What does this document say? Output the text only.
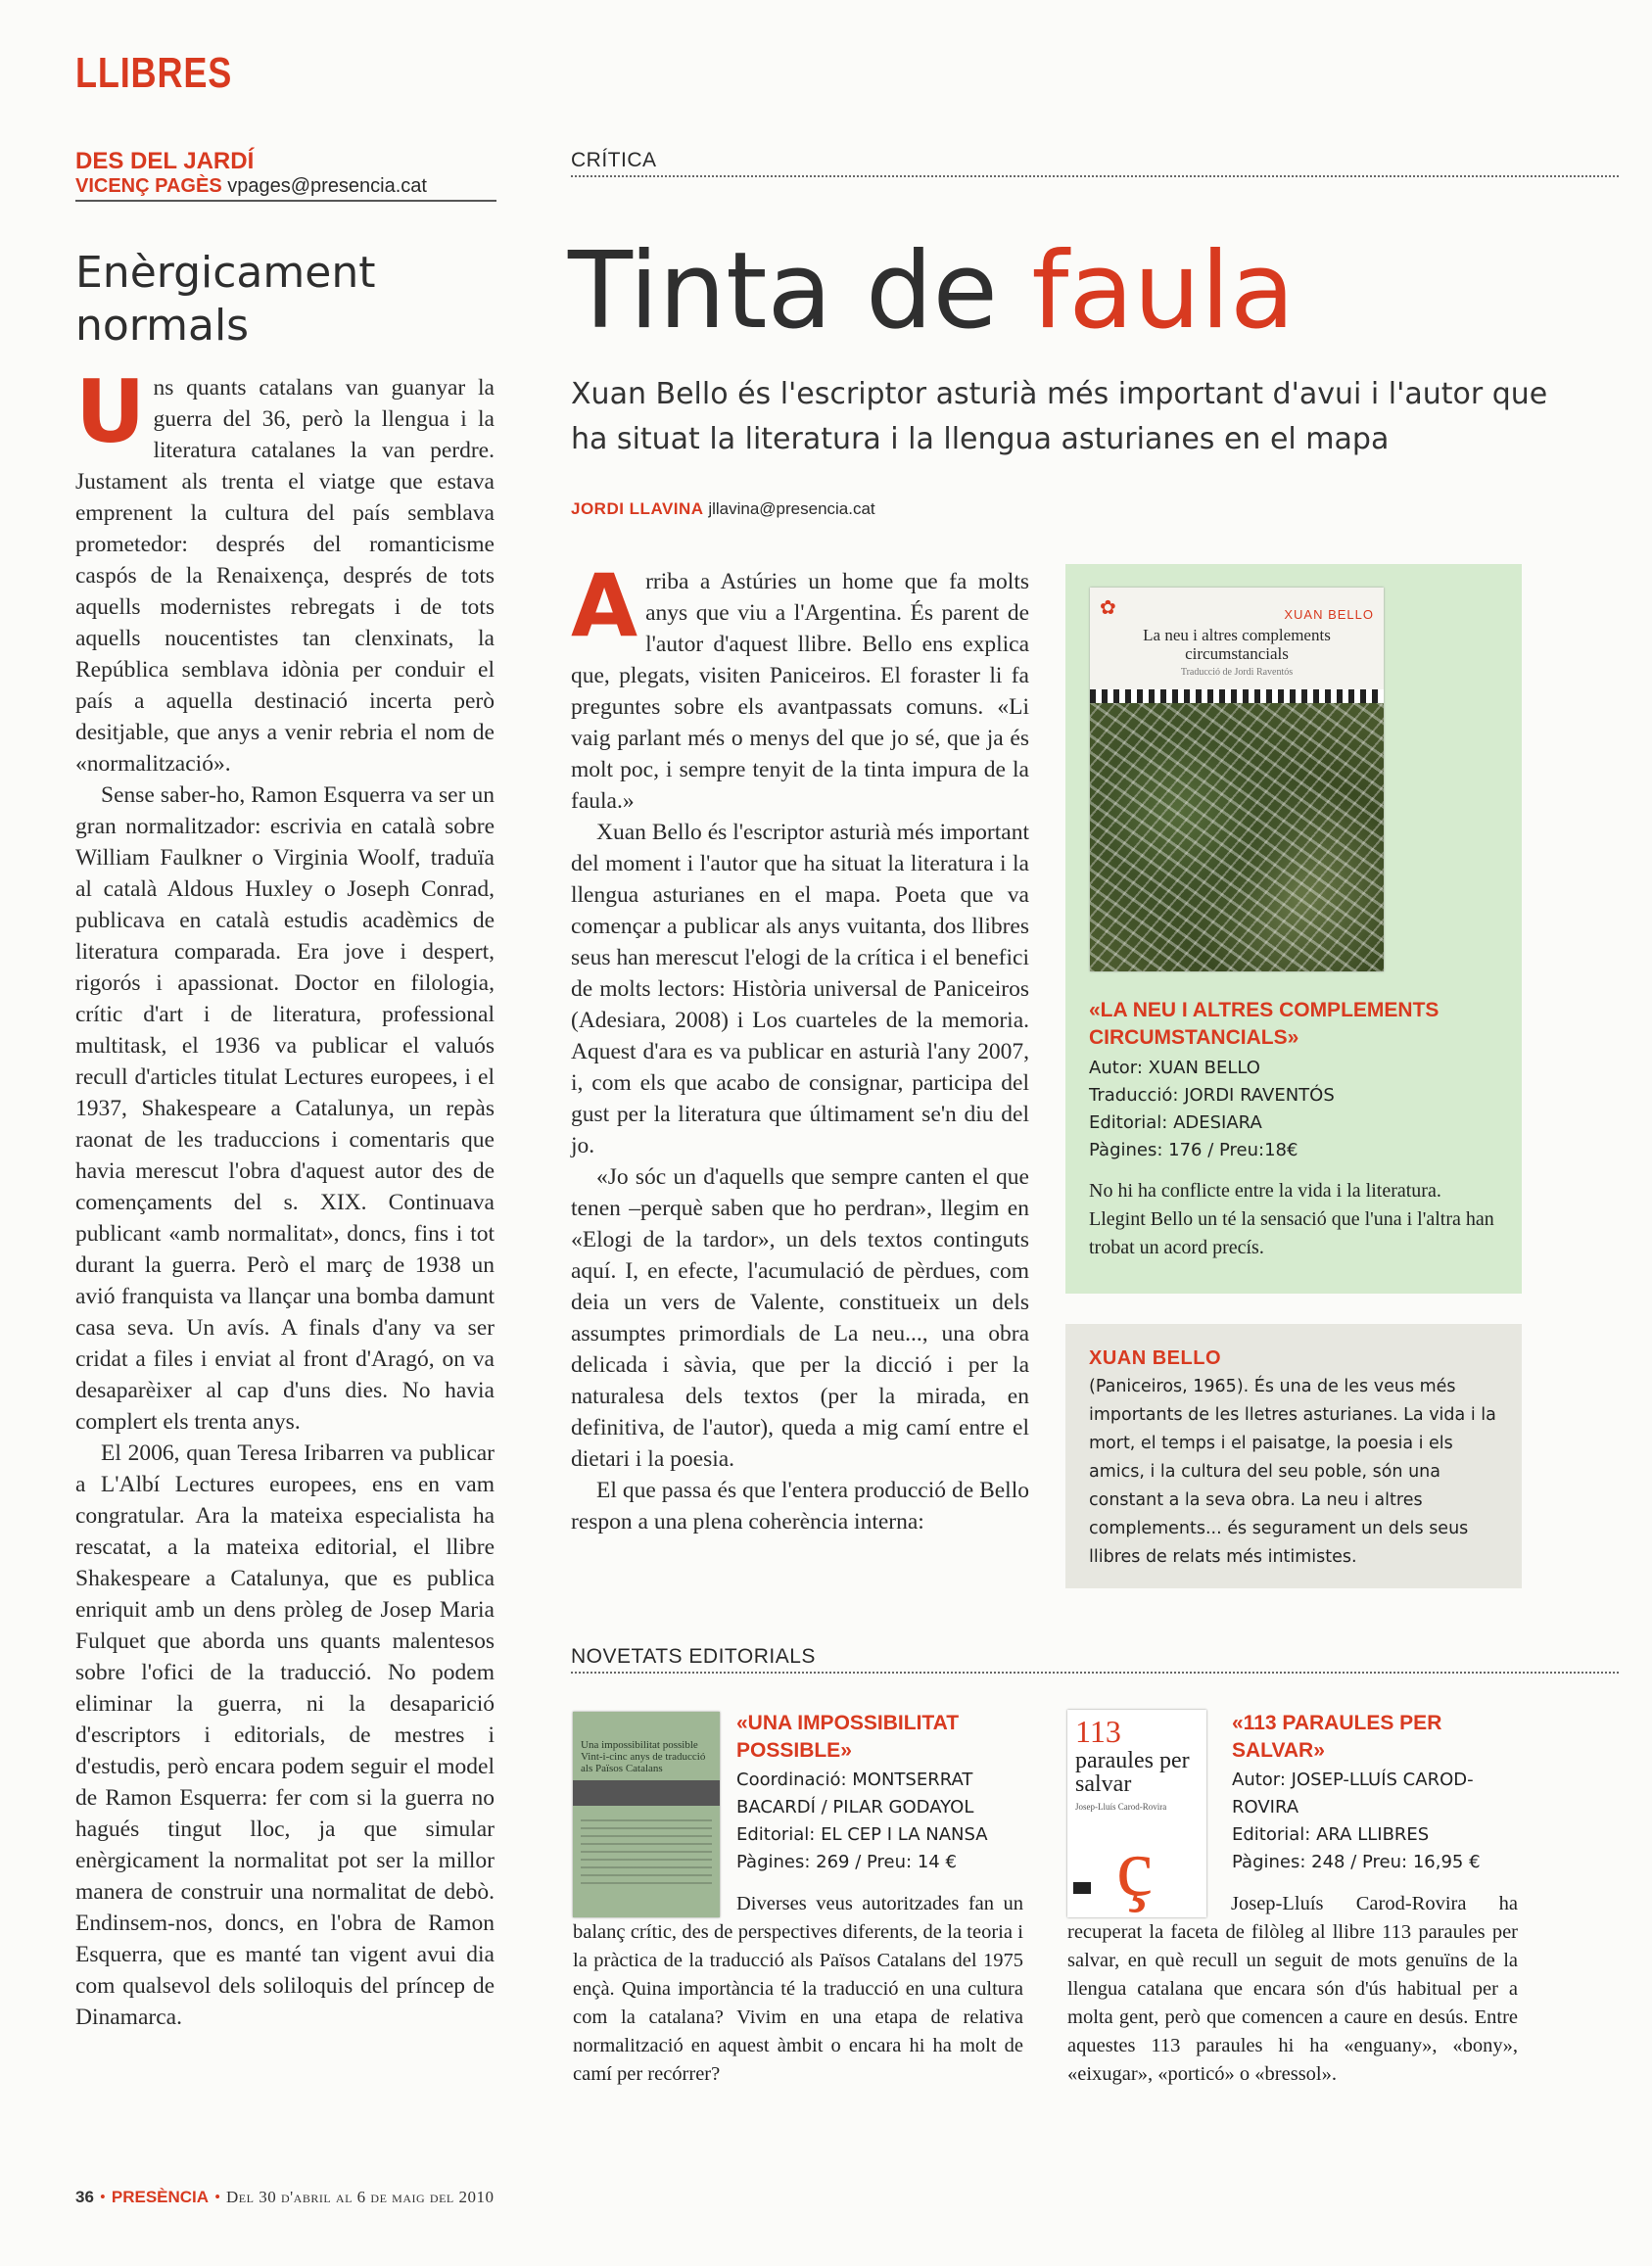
LLIBRES
DES DEL JARDÍ
VICENÇ PAGÈS vpages@presencia.cat
Enèrgicament normals

Uns quants catalans van guanyar la guerra del 36, però la llengua i la literatura catalanes la van perdre. Justament als trenta el viatge que estava emprenent la cultura del país semblava prometedor: després del romanticisme caspós de la Renaixença, després de tots aquells modernistes rebregats i de tots aquells noucentistes tan clenxinats, la República semblava idònia per conduir el país a aquella destinació incerta però desitjable, que anys a venir rebria el nom de «normalització».

Sense saber-ho, Ramon Esquerra va ser un gran normalitzador: escrivia en català sobre William Faulkner o Virginia Woolf, traduïa al català Aldous Huxley o Joseph Conrad, publicava en català estudis acadèmics de literatura comparada. Era jove i despert, rigorós i apassionat. Doctor en filologia, crític d'art i de literatura, professional multitask, el 1936 va publicar el valuós recull d'articles titulat Lectures europees, i el 1937, Shakespeare a Catalunya, un repàs raonat de les traduccions i comentaris que havia merescut l'obra d'aquest autor des de començaments del s. XIX. Continuava publicant «amb normalitat», doncs, fins i tot durant la guerra. Però el març de 1938 un avió franquista va llançar una bomba damunt casa seva. Un avís. A finals d'any va ser cridat a files i enviat al front d'Aragó, on va desaparèixer al cap d'uns dies. No havia complert els trenta anys.

El 2006, quan Teresa Iribarren va publicar a L'Albí Lectures europees, ens en vam congratular. Ara la mateixa especialista ha rescatat, a la mateixa editorial, el llibre Shakespeare a Catalunya, que es publica enriquit amb un dens pròleg de Josep Maria Fulquet que aborda uns quants malentesos sobre l'ofici de la traducció. No podem eliminar la guerra, ni la desaparició d'escriptors i editorials, de mestres i d'estudis, però encara podem seguir el model de Ramon Esquerra: fer com si la guerra no hagués tingut lloc, ja que simular enèrgicament la normalitat pot ser la millor manera de construir una normalitat de debò. Endinsem-nos, doncs, en l'obra de Ramon Esquerra, que es manté tan vigent avui dia com qualsevol dels soliloquis del príncep de Dinamarca.

CRÍTICA
Tinta de faula
Xuan Bello és l'escriptor asturià més important d'avui i l'autor que ha situat la literatura i la llengua asturianes en el mapa
JORDI LLAVINA jllavina@presencia.cat

Arriba a Astúries un home que fa molts anys que viu a l'Argentina. És parent de l'autor d'aquest llibre. Bello ens explica que, plegats, visiten Paniceiros. El foraster li fa preguntes sobre els avantpassats comuns. «Li vaig parlant més o menys del que jo sé, que ja és molt poc, i sempre tenyit de la tinta impura de la faula.»

Xuan Bello és l'escriptor asturià més important del moment i l'autor que ha situat la literatura i la llengua asturianes en el mapa. Poeta que va començar a publicar als anys vuitanta, dos llibres seus han merescut l'elogi de la crítica i el benefici de molts lectors: Història universal de Paniceiros (Adesiara, 2008) i Los cuarteles de la memoria. Aquest d'ara es va publicar en asturià l'any 2007, i, com els que acabo de consignar, participa del gust per la literatura que últimament se'n diu del jo.

«Jo sóc un d'aquells que sempre canten el que tenen –perquè saben que ho perdran», llegim en «Elogi de la tardor», un dels textos continguts aquí. I, en efecte, l'acumulació de pèrdues, com deia un vers de Valente, constitueix un dels assumptes primordials de La neu..., una obra delicada i sàvia, que per la dicció i per la naturalesa dels textos (per la mirada, en definitiva, de l'autor), queda a mig camí entre el dietari i la poesia.

El que passa és que l'entera producció de Bello respon a una plena coherència interna:

✿	XUAN BELLO
La neu i altres complements circumstancials
Traducció de Jordi Raventós
«LA NEU I ALTRES COMPLEMENTS CIRCUMSTANCIALS»
Autor: XUAN BELLO
Traducció: JORDI RAVENTÓS
Editorial: ADESIARA
Pàgines: 176 / Preu:18€
No hi ha conflicte entre la vida i la literatura. Llegint Bello un té la sensació que l'una i l'altra han trobat un acord precís.
XUAN BELLO
(Paniceiros, 1965). És una de les veus més importants de les lletres asturianes. La vida i la mort, el temps i el paisatge, la poesia i els amics, i la cultura del seu poble, són una constant a la seva obra. La neu i altres complements... és segurament un dels seus llibres de relats més intimistes.
NOVETATS EDITORIALS
Una impossibilitat possible
Vint-i-cinc anys de traducció als Països Catalans
«UNA IMPOSSIBILITAT POSSIBLE»
Coordinació: MONTSERRAT BACARDÍ / PILAR GODAYOL
Editorial: EL CEP I LA NANSA
Pàgines: 269 / Preu: 14 €
Diverses veus autoritzades fan un balanç crític, des de perspectives diferents, de la teoria i la pràctica de la traducció als Països Catalans del 1975 ençà. Quina importància té la traducció en una cultura com la catalana? Vivim en una etapa de relativa normalització en aquest àmbit o encara hi ha molt de camí per recórrer?
113
paraules per salvar
Josep-Lluís Carod-Rovira
ç
«113 PARAULES PER SALVAR»
Autor: JOSEP-LLUÍS CAROD-ROVIRA
Editorial: ARA LLIBRES
Pàgines: 248 / Preu: 16,95 €
Josep-Lluís Carod-Rovira ha recuperat la faceta de filòleg al llibre 113 paraules per salvar, en què recull un seguit de mots genuïns de la llengua catalana que encara són d'ús habitual per a molta gent, però que comencen a caure en desús. Entre aquestes 113 paraules hi ha «enguany», «bony», «eixugar», «porticó» o «bressol».
36 • PRESÈNCIA • Del 30 d'abril al 6 de maig del 2010
